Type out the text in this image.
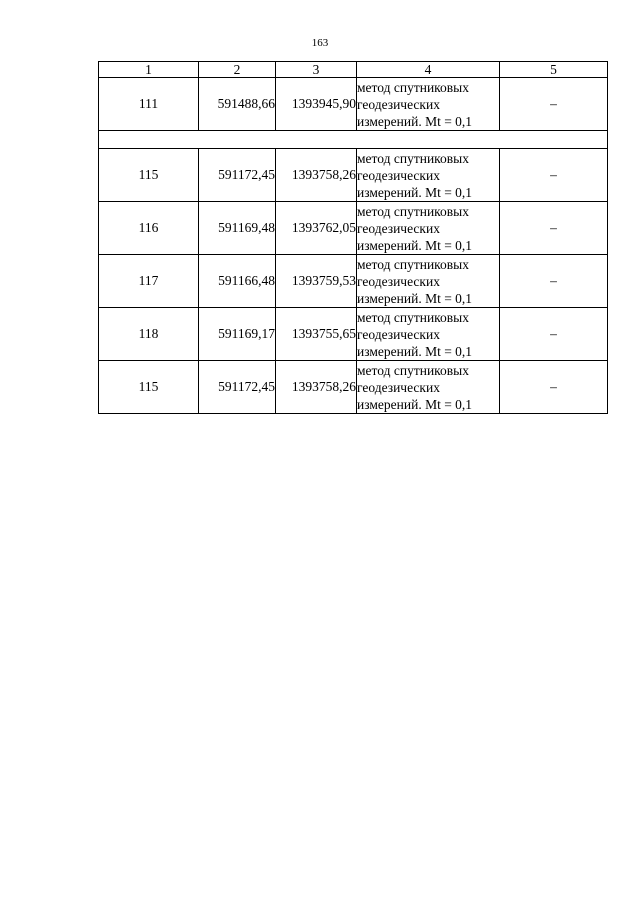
163
1	2	3	4	5
111	591488,66	1393945,90	метод спутниковых
геодезических
измерений. Mt = 0,1	–

115	591172,45	1393758,26	метод спутниковых
геодезических
измерений. Mt = 0,1	–
116	591169,48	1393762,05	метод спутниковых
геодезических
измерений. Mt = 0,1	–
117	591166,48	1393759,53	метод спутниковых
геодезических
измерений. Mt = 0,1	–
118	591169,17	1393755,65	метод спутниковых
геодезических
измерений. Mt = 0,1	–
115	591172,45	1393758,26	метод спутниковых
геодезических
измерений. Mt = 0,1	–
